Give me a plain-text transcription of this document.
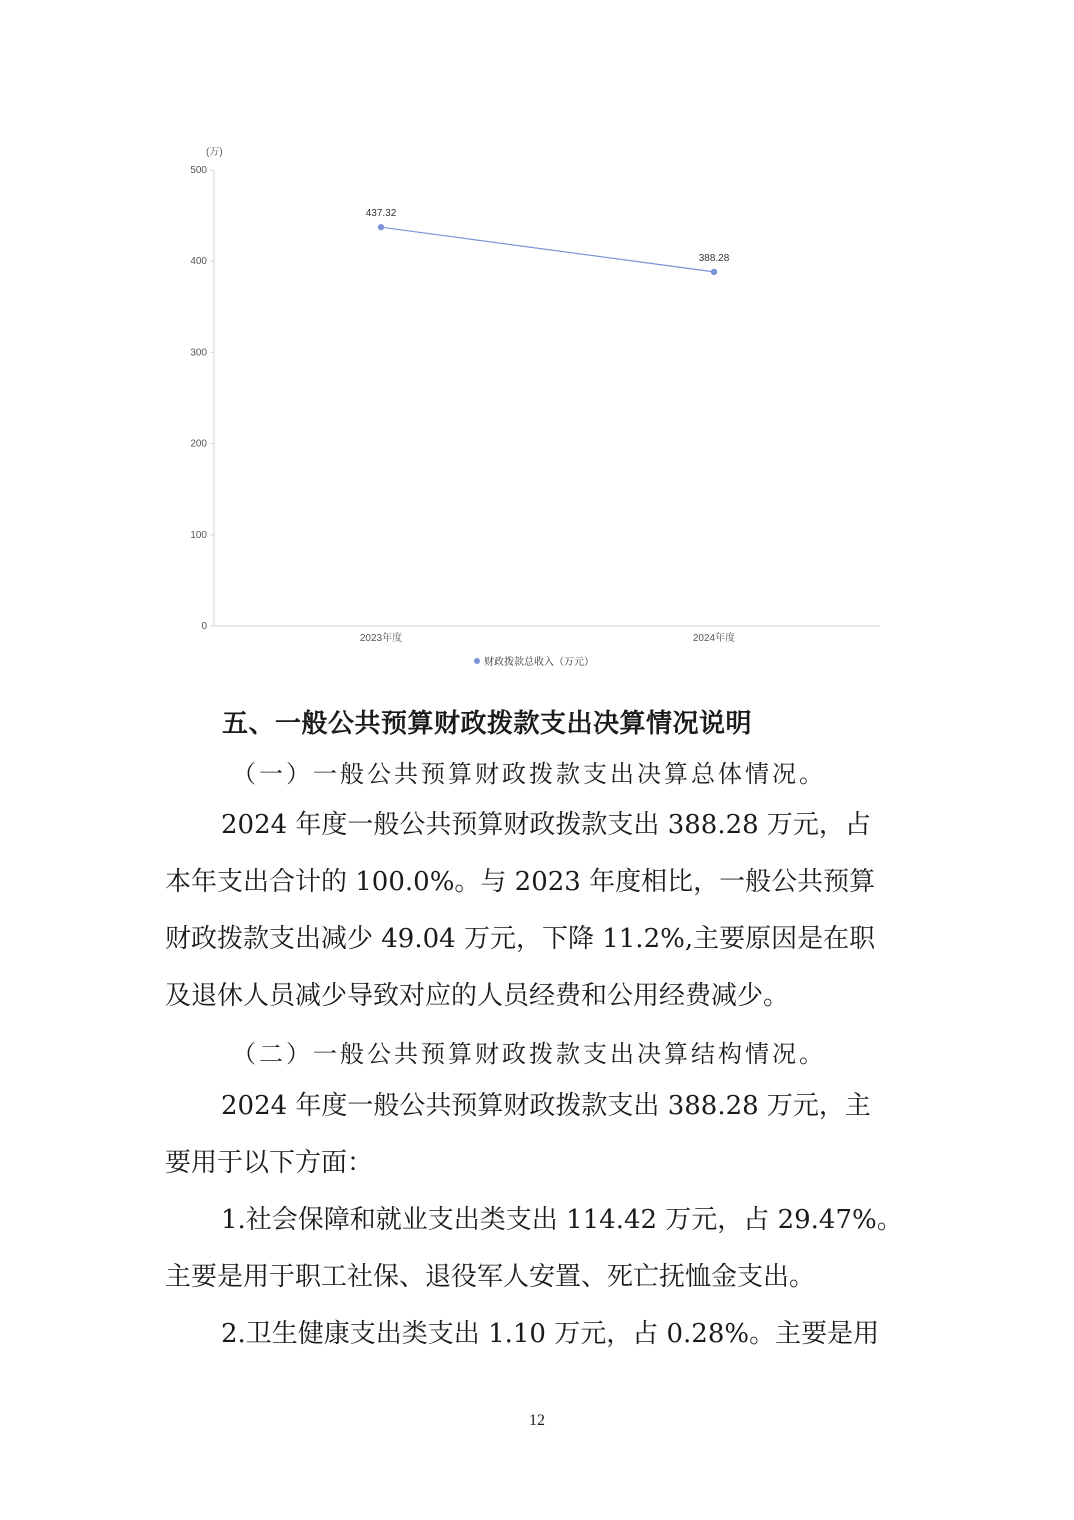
(万)
0
100
200
300
400
500
2023年度	2024年度
437.32
388.28
财政拨款总收入（万元）
五、一般公共预算财政拨款支出决算情况说明
（一）一般公共预算财政拨款支出决算总体情况。
2024 年度一般公共预算财政拨款支出 388.28 万元，占
本年支出合计的 100.0%。与 2023 年度相比，一般公共预算
财政拨款支出减少 49.04 万元，下降 11.2%,主要原因是在职
及退休人员减少导致对应的人员经费和公用经费减少。
（二）一般公共预算财政拨款支出决算结构情况。
2024 年度一般公共预算财政拨款支出 388.28 万元，主
要用于以下方面：
1.社会保障和就业支出类支出 114.42 万元，占 29.47%。
主要是用于职工社保、退役军人安置、死亡抚恤金支出。
2.卫生健康支出类支出 1.10 万元，占 0.28%。主要是用
12
